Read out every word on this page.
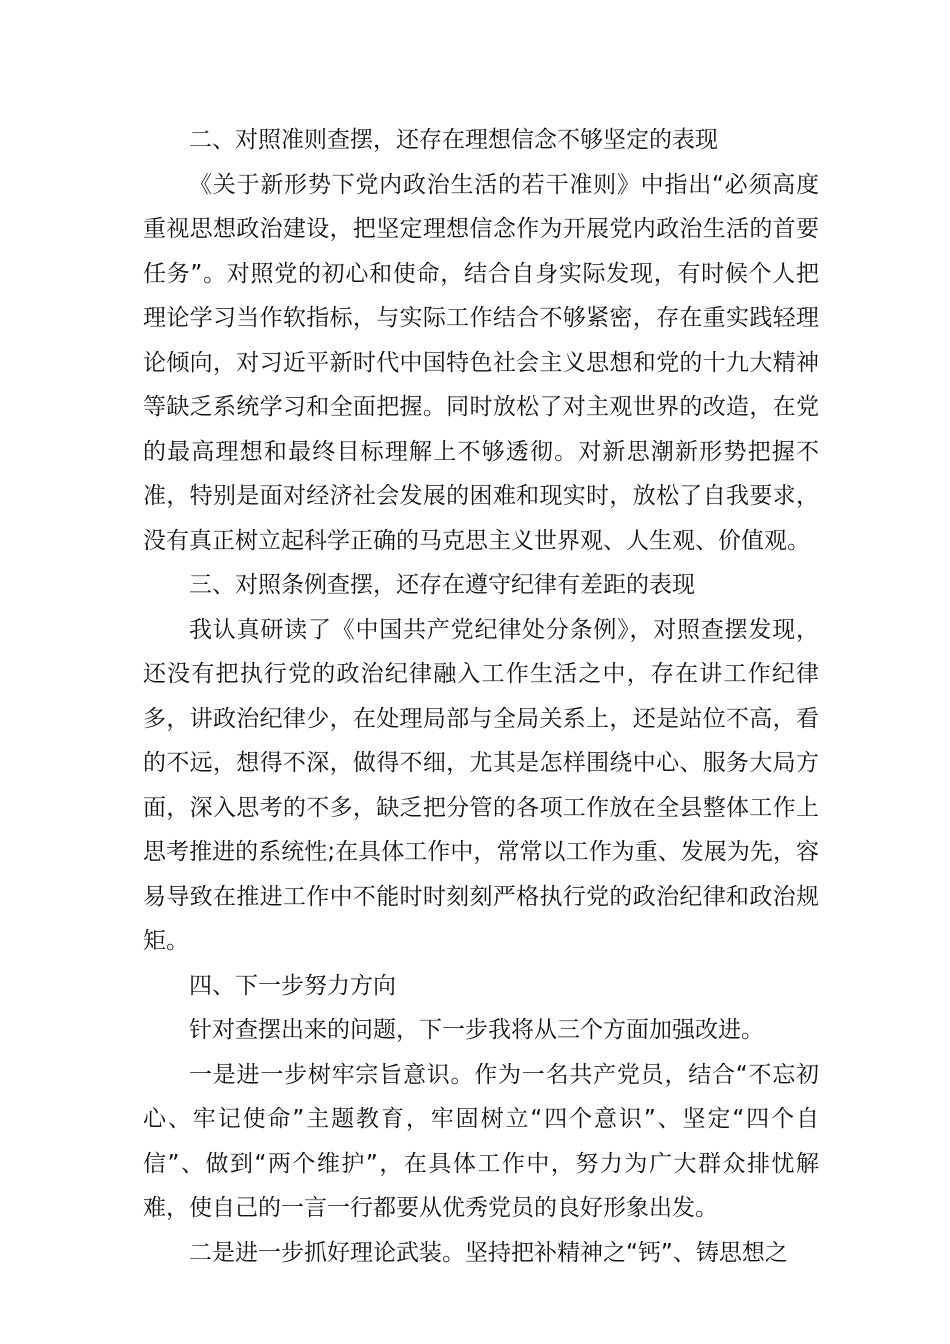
二、对照准则查摆，还存在理想信念不够坚定的表现

《关于新形势下党内政治生活的若干准则》中指出“必须高度重视思想政治建设，把坚定理想信念作为开展党内政治生活的首要任务”。对照党的初心和使命，结合自身实际发现，有时候个人把理论学习当作软指标，与实际工作结合不够紧密，存在重实践轻理论倾向，对习近平新时代中国特色社会主义思想和党的十九大精神等缺乏系统学习和全面把握。同时放松了对主观世界的改造，在党的最高理想和最终目标理解上不够透彻。对新思潮新形势把握不准，特别是面对经济社会发展的困难和现实时，放松了自我要求，没有真正树立起科学正确的马克思主义世界观、人生观、价值观。

三、对照条例查摆，还存在遵守纪律有差距的表现

我认真研读了《中国共产党纪律处分条例》，对照查摆发现，还没有把执行党的政治纪律融入工作生活之中，存在讲工作纪律多，讲政治纪律少，在处理局部与全局关系上，还是站位不高，看的不远，想得不深，做得不细，尤其是怎样围绕中心、服务大局方面，深入思考的不多，缺乏把分管的各项工作放在全县整体工作上思考推进的系统性;在具体工作中，常常以工作为重、发展为先，容易导致在推进工作中不能时时刻刻严格执行党的政治纪律和政治规矩。

四、下一步努力方向

针对查摆出来的问题，下一步我将从三个方面加强改进。

一是进一步树牢宗旨意识。作为一名共产党员，结合“不忘初心、牢记使命”主题教育，牢固树立“四个意识”、坚定“四个自信”、做到“两个维护”，在具体工作中，努力为广大群众排忧解难，使自己的一言一行都要从优秀党员的良好形象出发。

二是进一步抓好理论武装。坚持把补精神之“钙”、铸思想之
